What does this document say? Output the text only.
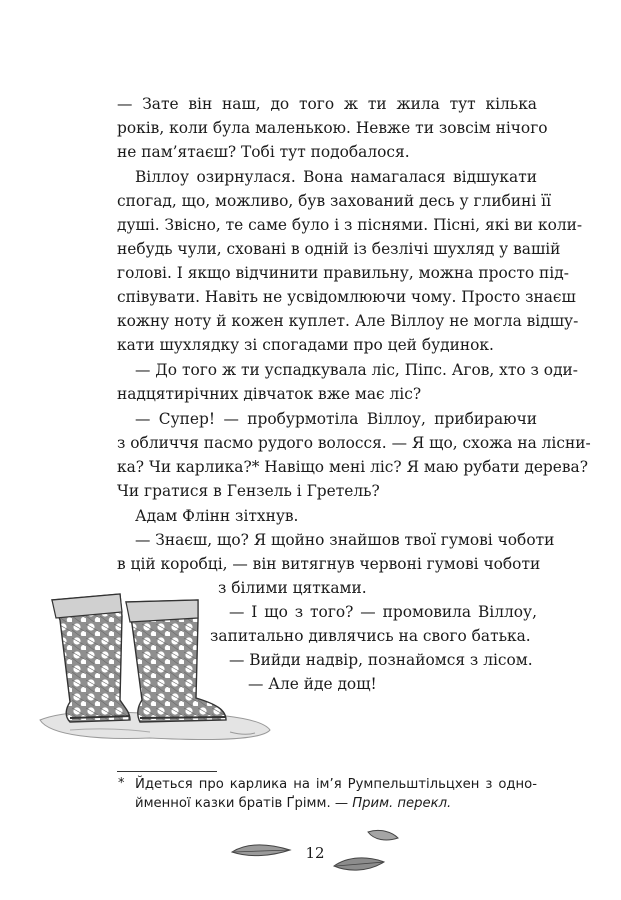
— Зате він наш, до того ж ти жила тут кілька
років, коли була маленькою. Невже ти зовсім нічого
не пам’ятаєш? Тобі тут подобалося.
Віллоу озирнулася. Вона намагалася відшукати
спогад, що, можливо, був захований десь у глибині її
душі. Звісно, те саме було і з піснями. Пісні, які ви коли-
небудь чули, сховані в одній із безлічі шухляд у вашій
голові. І якщо відчинити правильну, можна просто під-
співувати. Навіть не усвідомлюючи чому. Просто знаєш
кожну ноту й кожен куплет. Але Віллоу не могла відшу-
кати шухлядку зі спогадами про цей будинок.
— До того ж ти успадкувала ліс, Піпс. Агов, хто з оди-
надцятирічних дівчаток вже має ліс?
— Супер! — пробурмотіла Віллоу, прибираючи
з обличчя пасмо рудого волосся. — Я що, схожа на лісни-
ка? Чи карлика?* Навіщо мені ліс? Я маю рубати дерева?
Чи гратися в Гензель і Гретель?
Адам Флінн зітхнув.
— Знаєш, що? Я щойно знайшов твої гумові чоботи
в цій коробці, — він витягнув червоні гумові чоботи
з білими цятками.
— І що з того? — промовила Віллоу,
запитально дивлячись на свого батька.
— Вийди надвір, познайомся з лісом.
— Але йде дощ!
* Йдеться про карлика на ім’я Румпельштільцхен з одно-
йменної казки братів Ґрімм. — Прим. перекл.
12
